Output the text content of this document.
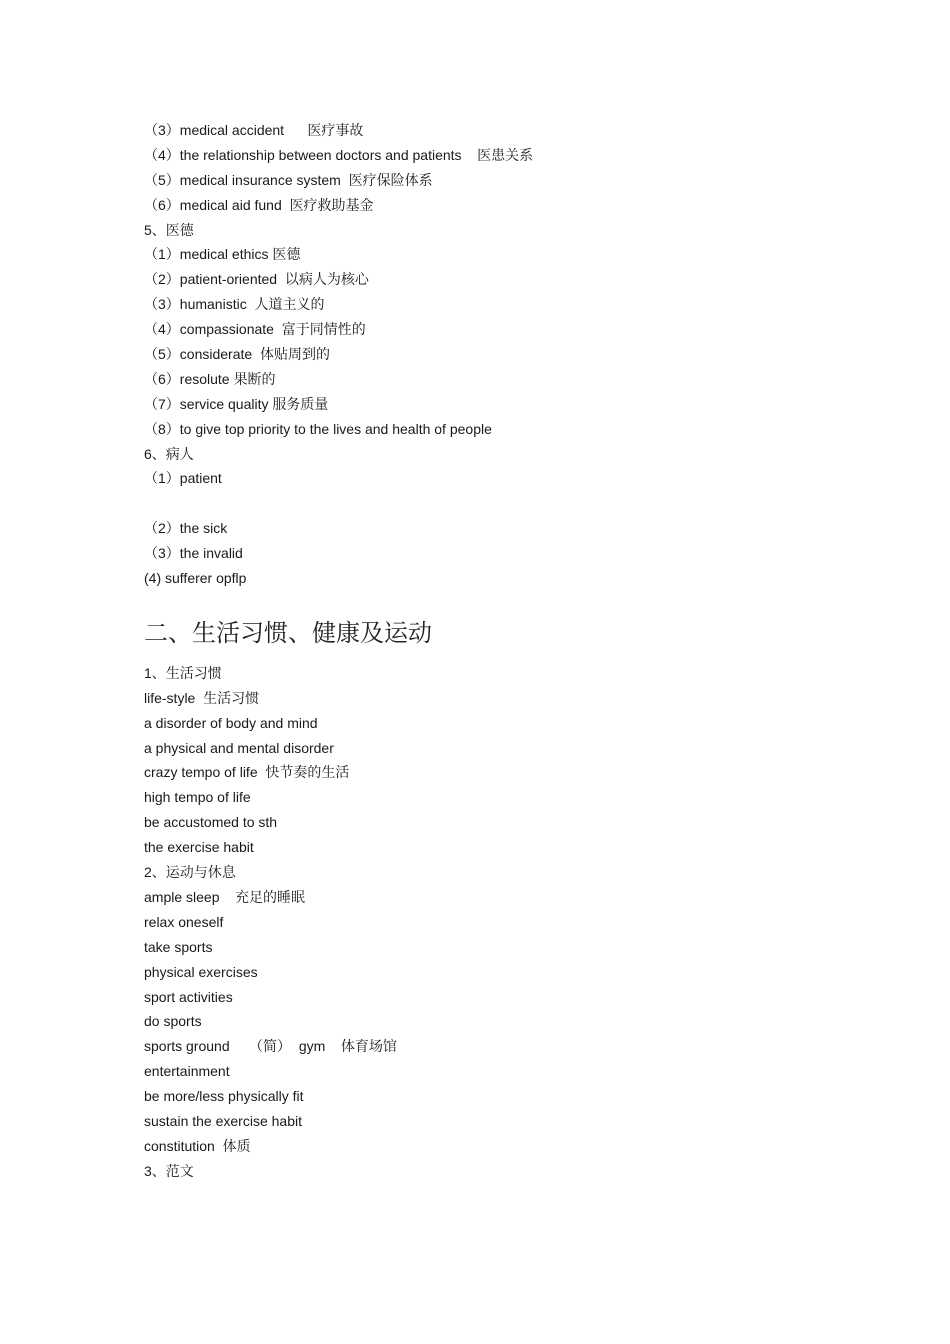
（3）medical accident      医疗事故
（4）the relationship between doctors and patients    医患关系
（5）medical insurance system  医疗保险体系
（6）medical aid fund  医疗救助基金
5、医德
（1）medical ethics 医德
（2）patient-oriented  以病人为核心
（3）humanistic  人道主义的
（4）compassionate  富于同情性的
（5）considerate  体贴周到的
（6）resolute 果断的
（7）service quality 服务质量
（8）to give top priority to the lives and health of people
6、病人
（1）patient
（2）the sick
（3）the invalid
(4) sufferer opflp
二、生活习惯、健康及运动
1、生活习惯
life-style  生活习惯
a disorder of body and mind
a physical and mental disorder
crazy tempo of life  快节奏的生活
high tempo of life
be accustomed to sth
the exercise habit
2、运动与休息
ample sleep    充足的睡眠
relax oneself
take sports
physical exercises
sport activities
do sports
sports ground     （简）  gym    体育场馆
entertainment
be more/less physically fit
sustain the exercise habit
constitution  体质
3、范文
